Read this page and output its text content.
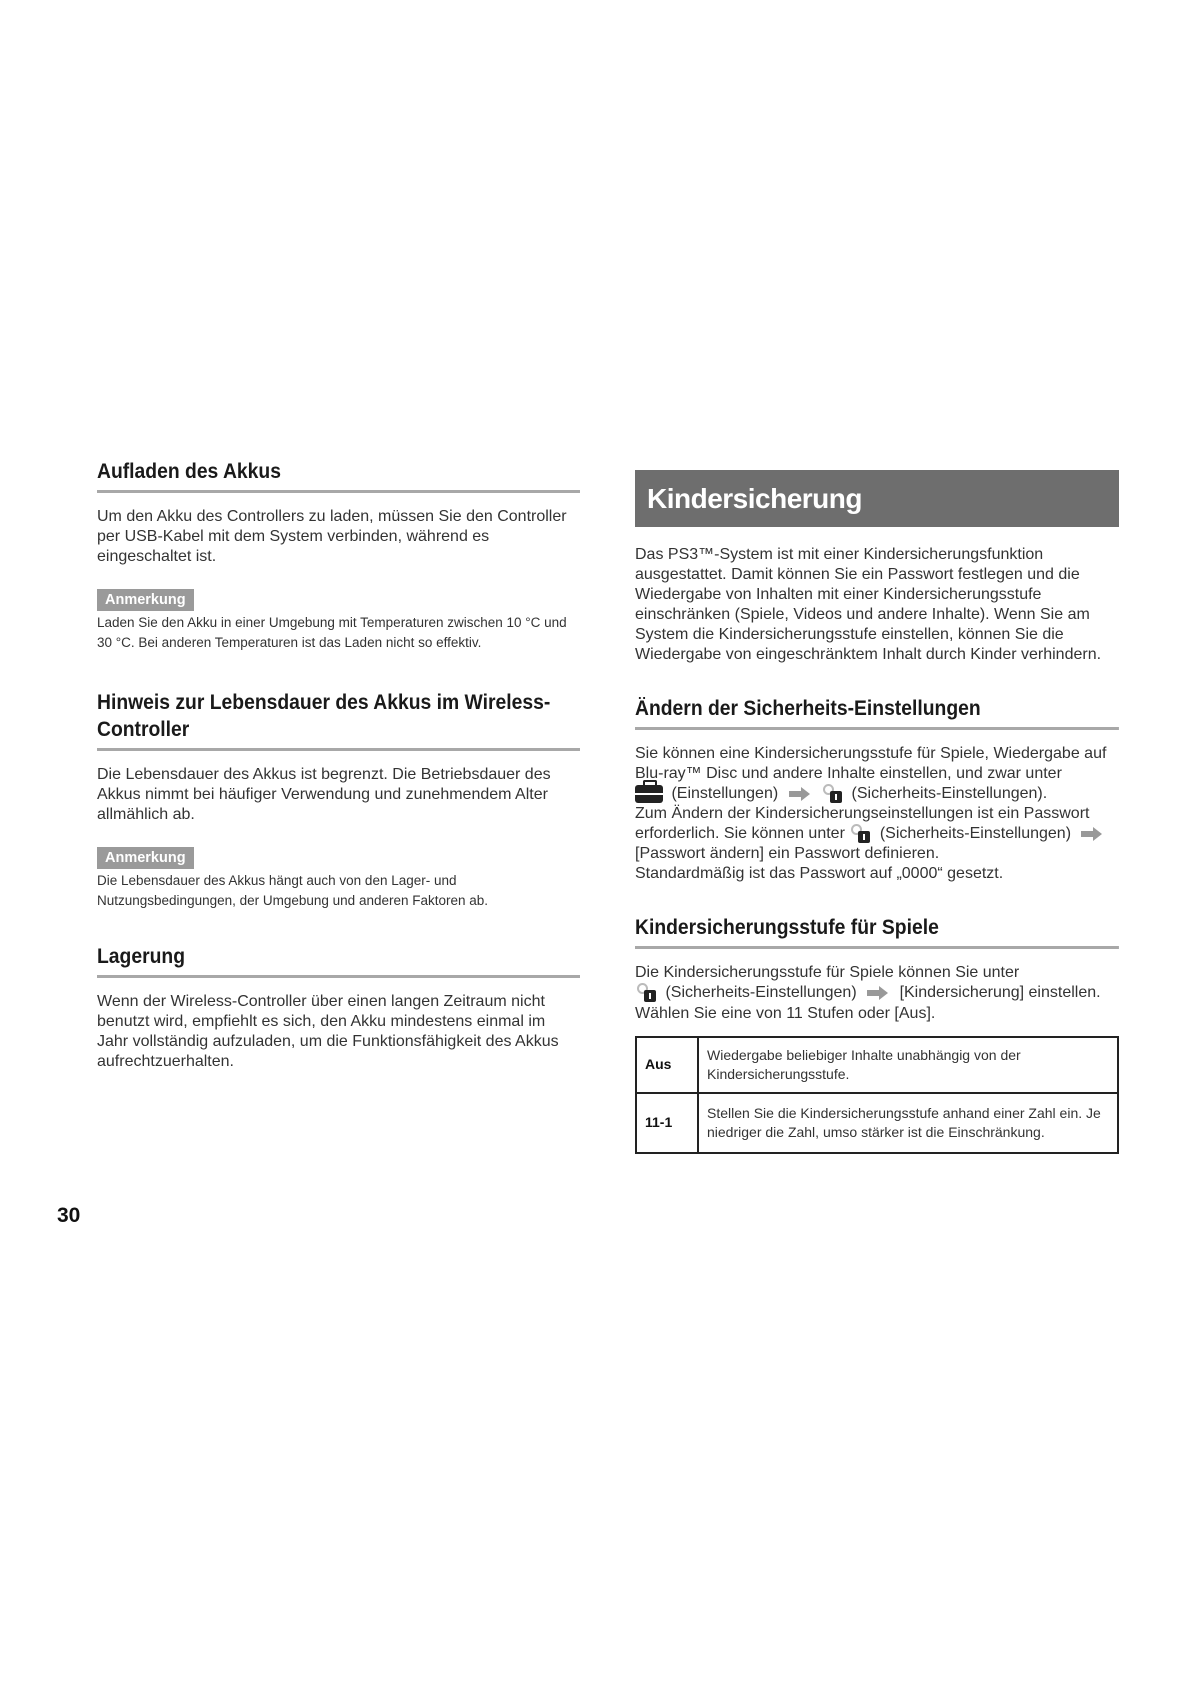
Aufladen des Akkus

Um den Akku des Controllers zu laden, müssen Sie den Controller per USB-Kabel mit dem System verbinden, während es eingeschaltet ist.

Anmerkung

Laden Sie den Akku in einer Umgebung mit Temperaturen zwischen 10 °C und 30 °C. Bei anderen Temperaturen ist das Laden nicht so effektiv.

Hinweis zur Lebensdauer des Akkus im Wireless-Controller

Die Lebensdauer des Akkus ist begrenzt. Die Betriebsdauer des Akkus nimmt bei häufiger Verwendung und zunehmendem Alter allmählich ab.

Anmerkung

Die Lebensdauer des Akkus hängt auch von den Lager- und Nutzungsbedingungen, der Umgebung und anderen Faktoren ab.

Lagerung

Wenn der Wireless-Controller über einen langen Zeitraum nicht benutzt wird, empfiehlt es sich, den Akku mindestens einmal im Jahr vollständig aufzuladen, um die Funktionsfähigkeit des Akkus aufrechtzuerhalten.

Kindersicherung

Das PS3™-System ist mit einer Kindersicherungsfunktion ausgestattet. Damit können Sie ein Passwort festlegen und die Wiedergabe von Inhalten mit einer Kindersicherungsstufe einschränken (Spiele, Videos und andere Inhalte). Wenn Sie am System die Kindersicherungsstufe einstellen, können Sie die Wiedergabe von eingeschränktem Inhalt durch Kinder verhindern.

Ändern der Sicherheits-Einstellungen

Sie können eine Kindersicherungsstufe für Spiele, Wiedergabe auf Blu-ray™ Disc und andere Inhalte einstellen, und zwar unter
(Einstellungen)	(Sicherheits-Einstellungen).
Zum Ändern der Kindersicherungseinstellungen ist ein Passwort erforderlich. Sie können unter (Sicherheits-Einstellungen)  [Passwort ändern] ein Passwort definieren.
Standardmäßig ist das Passwort auf „0000“ gesetzt.

Kindersicherungsstufe für Spiele

Die Kindersicherungsstufe für Spiele können Sie unter

(Sicherheits-Einstellungen)	[Kindersicherung] einstellen. Wählen Sie eine von 11 Stufen oder [Aus].

Aus	Wiedergabe beliebiger Inhalte unabhängig von der Kindersicherungsstufe.
11-1	Stellen Sie die Kindersicherungsstufe anhand einer Zahl ein. Je niedriger die Zahl, umso stärker ist die Einschränkung.
30
